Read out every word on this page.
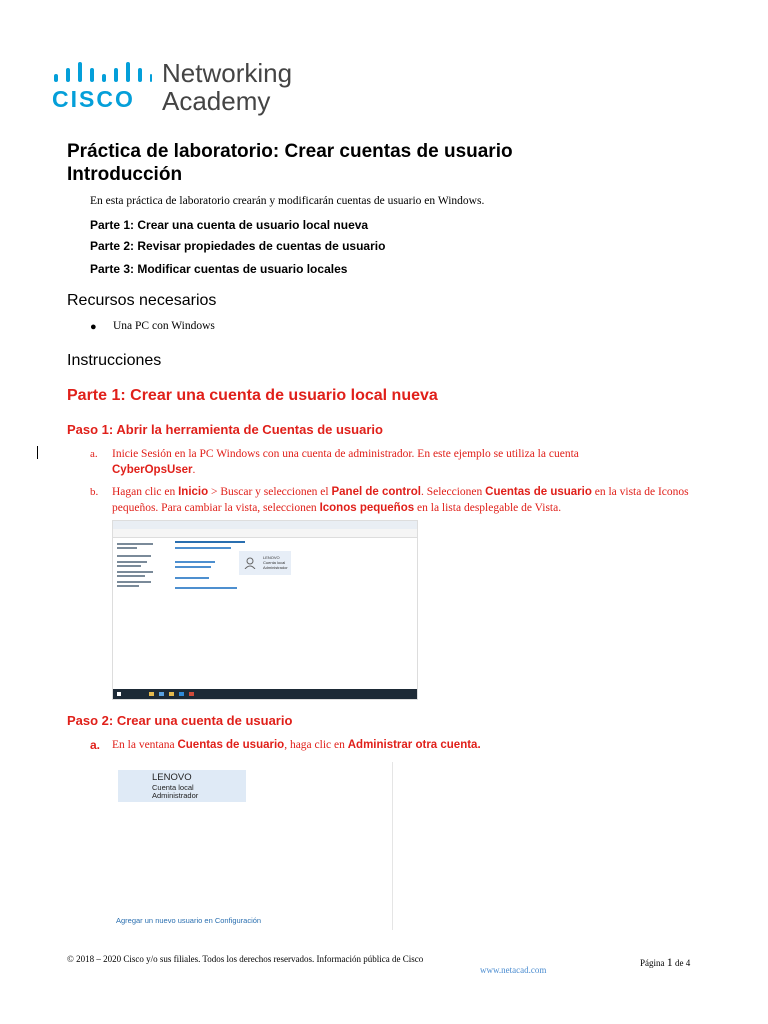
CISCO
Networking
Academy
Práctica de laboratorio: Crear cuentas de usuario
Introducción
En esta práctica de laboratorio crearán y modificarán cuentas de usuario en Windows.
Parte 1: Crear una cuenta de usuario local nueva
Parte 2: Revisar propiedades de cuentas de usuario
Parte 3: Modificar cuentas de usuario locales
Recursos necesarios
● Una PC con Windows
Instrucciones
Parte 1: Crear una cuenta de usuario local nueva
Paso 1: Abrir la herramienta de Cuentas de usuario
a. Inicie Sesión en la PC Windows con una cuenta de administrador. En este ejemplo se utiliza la cuenta
CyberOpsUser.
b. Hagan clic en Inicio > Buscar y seleccionen el Panel de control. Seleccionen Cuentas de usuario en la vista de Iconos pequeños. Para cambiar la vista, seleccionen Iconos pequeños en la lista desplegable de Vista.
LENOVO
Cuenta local
Administrador
Paso 2: Crear una cuenta de usuario
a. En la ventana Cuentas de usuario, haga clic en Administrar otra cuenta.
LENOVO
Cuenta local
Administrador
Agregar un nuevo usuario en Configuración
© 2018 – 2020 Cisco y/o sus filiales. Todos los derechos reservados. Información pública de Cisco	Página 1 de 4
www.netacad.com
